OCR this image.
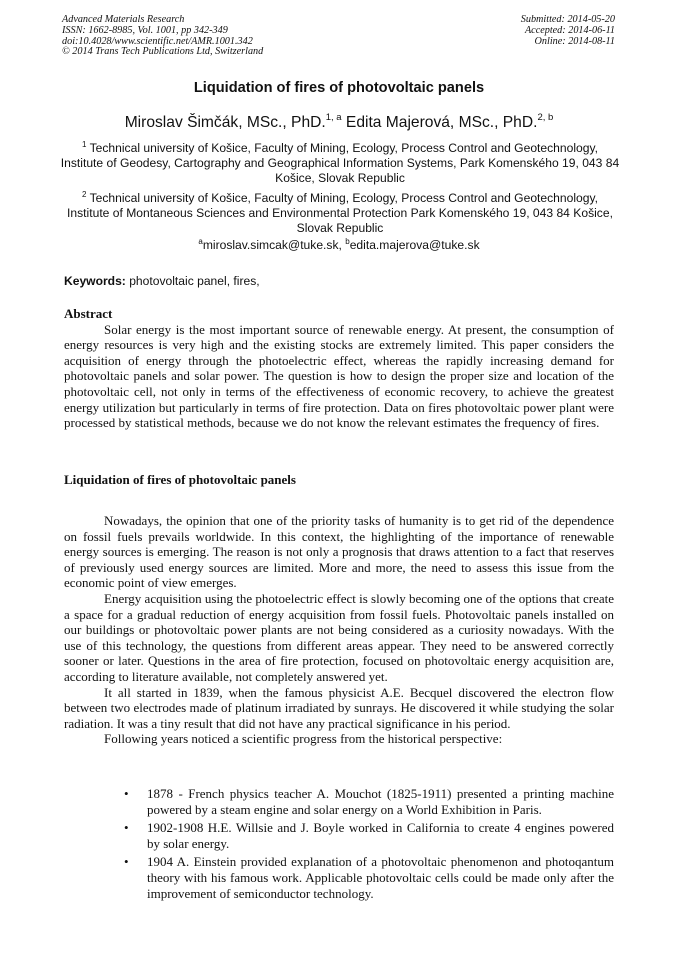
Advanced Materials Research
ISSN: 1662-8985, Vol. 1001, pp 342-349
doi:10.4028/www.scientific.net/AMR.1001.342
© 2014 Trans Tech Publications Ltd, Switzerland
Submitted: 2014-05-20
Accepted: 2014-06-11
Online: 2014-08-11
Liquidation of fires of photovoltaic panels
Miroslav Šimčák, MSc., PhD.$^{1, a}$ Edita Majerová, MSc., PhD.$^{2, b}$
$^1$ Technical university of Košice, Faculty of Mining, Ecology, Process Control and Geotechnology, Institute of Geodesy, Cartography and Geographical Information Systems, Park Komenského 19, 043 84 Košice, Slovak Republic
$^2$ Technical university of Košice, Faculty of Mining, Ecology, Process Control and Geotechnology, Institute of Montaneous Sciences and Environmental Protection Park Komenského 19, 043 84 Košice, Slovak Republic
$^a$miroslav.simcak@tuke.sk, $^b$edita.majerova@tuke.sk
Keywords: photovoltaic panel, fires,
Abstract
Solar energy is the most important source of renewable energy. At present, the consumption of energy resources is very high and the existing stocks are extremely limited. This paper considers the acquisition of energy through the photoelectric effect, whereas the rapidly increasing demand for photovoltaic panels and solar power. The question is how to design the proper size and location of the photovoltaic cell, not only in terms of the effectiveness of economic recovery, to achieve the greatest energy utilization but particularly in terms of fire protection. Data on fires photovoltaic power plant were processed by statistical methods, because we do not know the relevant estimates the frequency of fires.
Liquidation of fires of photovoltaic panels

Nowadays, the opinion that one of the priority tasks of humanity is to get rid of the dependence on fossil fuels prevails worldwide. In this context, the highlighting of the importance of renewable energy sources is emerging. The reason is not only a prognosis that draws attention to a fact that reserves of previously used energy sources are limited. More and more, the need to assess this issue from the economic point of view emerges.

Energy acquisition using the photoelectric effect is slowly becoming one of the options that create a space for a gradual reduction of energy acquisition from fossil fuels. Photovoltaic panels installed on our buildings or photovoltaic power plants are not being considered as a curiosity nowadays. With the use of this technology, the questions from different areas appear. They need to be answered correctly sooner or later. Questions in the area of fire protection, focused on photovoltaic energy acquisition are, according to literature available, not completely answered yet.

It all started in 1839, when the famous physicist A.E. Becquel discovered the electron flow between two electrodes made of platinum irradiated by sunrays. He discovered it while studying the solar radiation. It was a tiny result that did not have any practical significance in his period.

Following years noticed a scientific progress from the historical perspective:

• 1878 - French physics teacher A. Mouchot (1825-1911) presented a printing machine powered by a steam engine and solar energy on a World Exhibition in Paris.
• 1902-1908 H.E. Willsie and J. Boyle worked in California to create 4 engines powered by solar energy.
• 1904 A. Einstein provided explanation of a photovoltaic phenomenon and photoqantum theory with his famous work. Applicable photovoltaic cells could be made only after the improvement of semiconductor technology.
